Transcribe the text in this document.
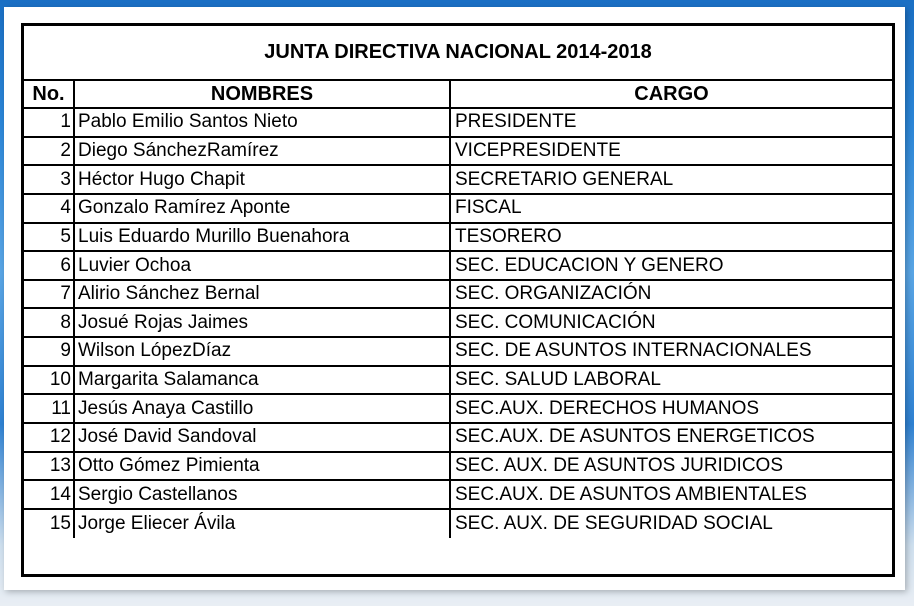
JUNTA DIRECTIVA NACIONAL 2014-2018
No.	NOMBRES	CARGO
1	Pablo Emilio Santos Nieto	PRESIDENTE
2	Diego SánchezRamírez	VICEPRESIDENTE
3	Héctor Hugo Chapit	SECRETARIO GENERAL
4	Gonzalo Ramírez Aponte	FISCAL
5	Luis Eduardo Murillo Buenahora	TESORERO
6	Luvier Ochoa	SEC. EDUCACION Y GENERO
7	Alirio Sánchez Bernal	SEC. ORGANIZACIÓN
8	Josué Rojas Jaimes	SEC. COMUNICACIÓN
9	Wilson LópezDíaz	SEC. DE ASUNTOS INTERNACIONALES
10	Margarita Salamanca	SEC. SALUD LABORAL
11	Jesús Anaya Castillo	SEC.AUX. DERECHOS HUMANOS
12	José David Sandoval	SEC.AUX. DE ASUNTOS ENERGETICOS
13	Otto Gómez Pimienta	SEC. AUX. DE ASUNTOS JURIDICOS
14	Sergio Castellanos	SEC.AUX. DE ASUNTOS AMBIENTALES
15	Jorge Eliecer Ávila	SEC. AUX. DE SEGURIDAD SOCIAL
